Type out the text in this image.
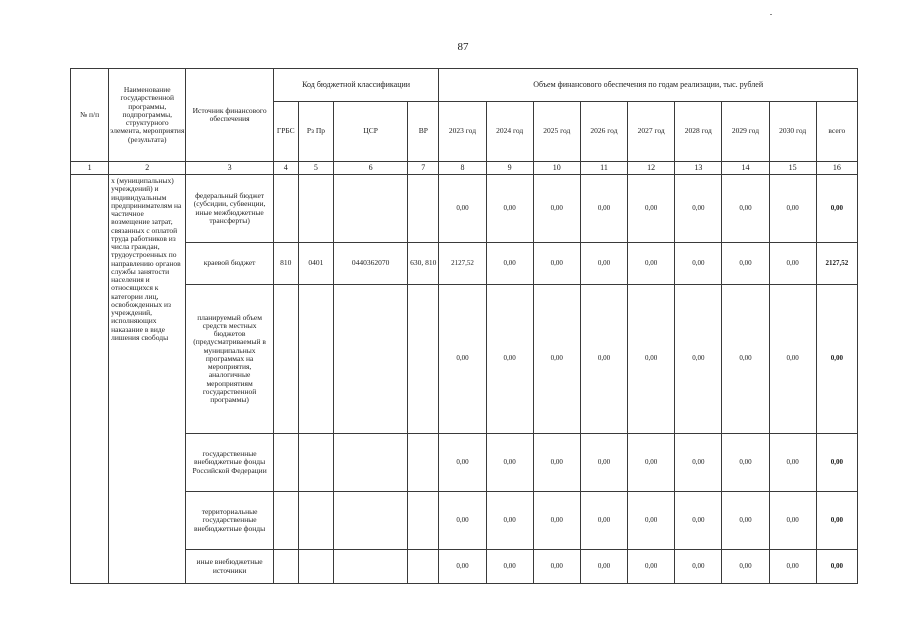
87
№ п/п	Наименование государственной программы, подпрограммы, структурного элемента, мероприятия (результата)	Источник финансового обеспечения	Код бюджетной классификации				Объем финансового обеспечения по годам реализации, тыс. рублей								
			ГРБС	Рз Пр	ЦСР	ВР	2023 год	2024 год	2025 год	2026 год	2027 год	2028 год	2029 год	2030 год	всего
1	2	3	4	5	6	7	8	9	10	11	12	13	14	15	16
	х (муниципальных) учреждений) и индивидуальным предпринимателям на частичное возмещение затрат, связанных с оплатой труда работников из числа граждан, трудоустроенных по направлению органов службы занятости населения и относящихся к категории лиц, освобожденных из учреждений, исполняющих наказание в виде лишения свободы	федеральный бюджет (субсидии, субвенции, иные межбюджетные трансферты)					0,00	0,00	0,00	0,00	0,00	0,00	0,00	0,00	0,00
		краевой бюджет	810	0401	0440362070	630, 810	2127,52	0,00	0,00	0,00	0,00	0,00	0,00	0,00	2127,52
		планируемый объем средств местных бюджетов (предусматриваемый в муниципальных программах на мероприятия, аналогичные мероприятиям государственной программы)					0,00	0,00	0,00	0,00	0,00	0,00	0,00	0,00	0,00
		государственные внебюджетные фонды Российской Федерации					0,00	0,00	0,00	0,00	0,00	0,00	0,00	0,00	0,00
		территориальные государственные внебюджетные фонды					0,00	0,00	0,00	0,00	0,00	0,00	0,00	0,00	0,00
		иные внебюджетные источники					0,00	0,00	0,00	0,00	0,00	0,00	0,00	0,00	0,00
